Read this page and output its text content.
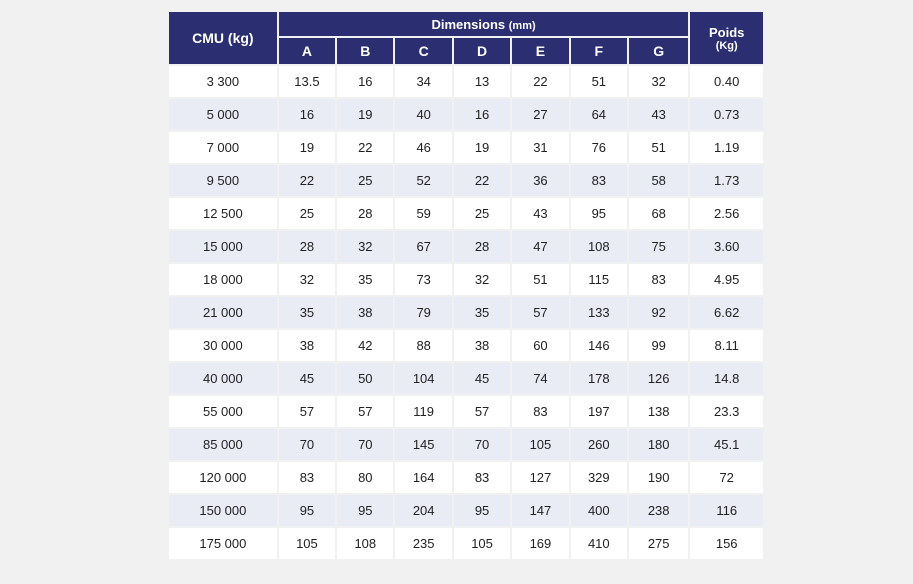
CMU (kg)	Dimensions (mm)							Poids
(Kg)

	A	B	C	D	E	F	G	
3 300	13.5	16	34	13	22	51	32	0.40
5 000	16	19	40	16	27	64	43	0.73
7 000	19	22	46	19	31	76	51	1.19
9 500	22	25	52	22	36	83	58	1.73
12 500	25	28	59	25	43	95	68	2.56
15 000	28	32	67	28	47	108	75	3.60
18 000	32	35	73	32	51	115	83	4.95
21 000	35	38	79	35	57	133	92	6.62
30 000	38	42	88	38	60	146	99	8.11
40 000	45	50	104	45	74	178	126	14.8
55 000	57	57	119	57	83	197	138	23.3
85 000	70	70	145	70	105	260	180	45.1
120 000	83	80	164	83	127	329	190	72
150 000	95	95	204	95	147	400	238	116
175 000	105	108	235	105	169	410	275	156
